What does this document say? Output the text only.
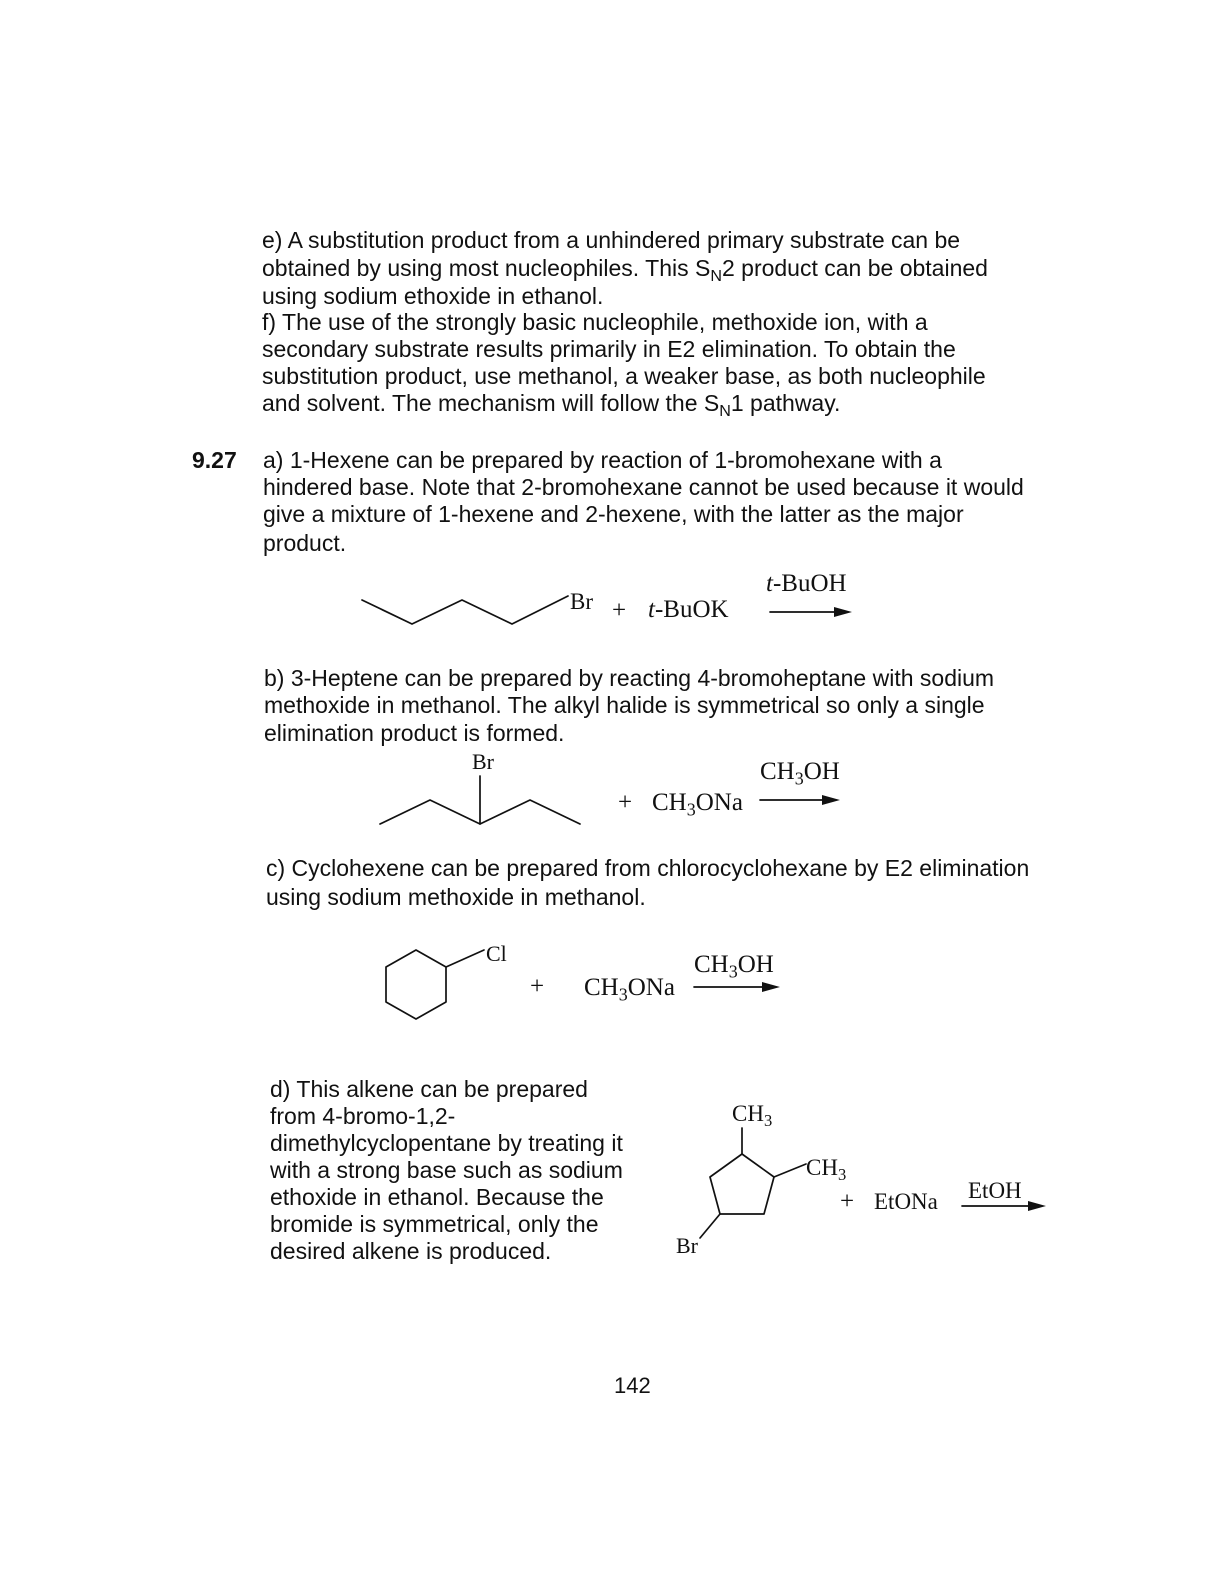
e) A substitution product from a unhindered primary substrate can be
obtained by using most nucleophiles. This $S_N2$ product can be obtained
using sodium ethoxide in ethanol.
f) The use of the strongly basic nucleophile, methoxide ion, with a
secondary substrate results primarily in E2 elimination. To obtain the
substitution product, use methanol, a weaker base, as both nucleophile
and solvent. The mechanism will follow the $S_N1$ pathway.
9.27 a) 1-Hexene can be prepared by reaction of 1-bromohexane with a
hindered base. Note that 2-bromohexane cannot be used because it would
give a mixture of 1-hexene and 2-hexene, with the latter as the major
product.
Br + t-BuOK
t-BuOH
b) 3-Heptene can be prepared by reacting 4-bromoheptane with sodium
methoxide in methanol. The alkyl halide is symmetrical so only a single
elimination product is formed.
Br
+ $CH_3ONa$
$CH_3OH$
c) Cyclohexene can be prepared from chlorocyclohexane by E2 elimination
using sodium methoxide in methanol.
Cl
+ $CH_3ONa$
$CH_3OH$
d) This alkene can be prepared
from 4-bromo-1,2-
dimethylcyclopentane by treating it
with a strong base such as sodium
ethoxide in ethanol. Because the
bromide is symmetrical, only the
desired alkene is produced.
$CH_3$
$CH_3$
Br
+ EtONa EtOH
142
